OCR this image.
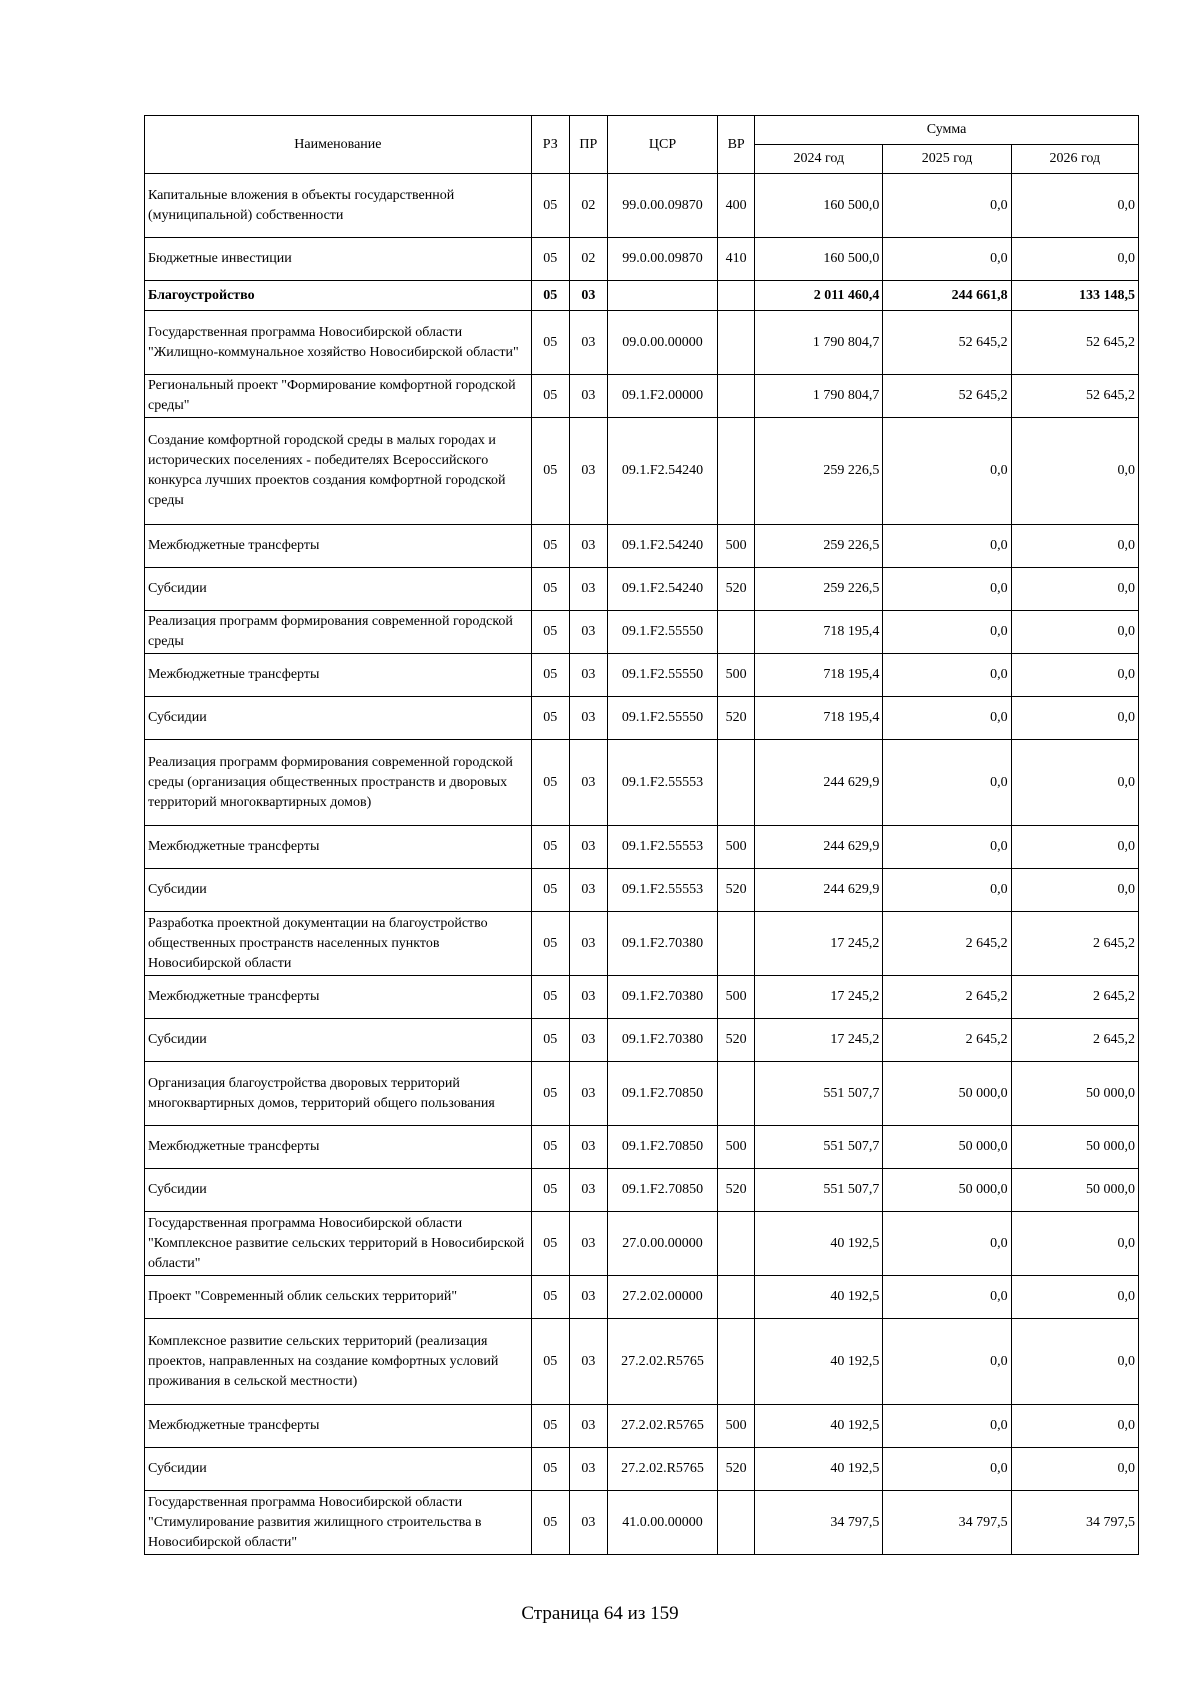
Наименование	РЗ	ПР	ЦСР	ВР	Сумма		
					2024 год	2025 год	2026 год
Капитальные вложения в объекты государственной (муниципальной) собственности	05	02	99.0.00.09870	400	160 500,0	0,0	0,0
Бюджетные инвестиции	05	02	99.0.00.09870	410	160 500,0	0,0	0,0
Благоустройство	05	03			2 011 460,4	244 661,8	133 148,5
Государственная программа Новосибирской области "Жилищно-коммунальное хозяйство Новосибирской области"	05	03	09.0.00.00000		1 790 804,7	52 645,2	52 645,2
Региональный проект "Формирование комфортной городской среды"	05	03	09.1.F2.00000		1 790 804,7	52 645,2	52 645,2
Создание комфортной городской среды в малых городах и исторических поселениях - победителях Всероссийского конкурса лучших проектов создания комфортной городской среды	05	03	09.1.F2.54240		259 226,5	0,0	0,0
Межбюджетные трансферты	05	03	09.1.F2.54240	500	259 226,5	0,0	0,0
Субсидии	05	03	09.1.F2.54240	520	259 226,5	0,0	0,0
Реализация программ формирования современной городской среды	05	03	09.1.F2.55550		718 195,4	0,0	0,0
Межбюджетные трансферты	05	03	09.1.F2.55550	500	718 195,4	0,0	0,0
Субсидии	05	03	09.1.F2.55550	520	718 195,4	0,0	0,0
Реализация программ формирования современной городской среды (организация общественных пространств и дворовых территорий многоквартирных домов)	05	03	09.1.F2.55553		244 629,9	0,0	0,0
Межбюджетные трансферты	05	03	09.1.F2.55553	500	244 629,9	0,0	0,0
Субсидии	05	03	09.1.F2.55553	520	244 629,9	0,0	0,0
Разработка проектной документации на благоустройство общественных пространств населенных пунктов Новосибирской области	05	03	09.1.F2.70380		17 245,2	2 645,2	2 645,2
Межбюджетные трансферты	05	03	09.1.F2.70380	500	17 245,2	2 645,2	2 645,2
Субсидии	05	03	09.1.F2.70380	520	17 245,2	2 645,2	2 645,2
Организация благоустройства дворовых территорий многоквартирных домов, территорий общего пользования	05	03	09.1.F2.70850		551 507,7	50 000,0	50 000,0
Межбюджетные трансферты	05	03	09.1.F2.70850	500	551 507,7	50 000,0	50 000,0
Субсидии	05	03	09.1.F2.70850	520	551 507,7	50 000,0	50 000,0
Государственная программа Новосибирской области "Комплексное развитие сельских территорий в Новосибирской области"	05	03	27.0.00.00000		40 192,5	0,0	0,0
Проект "Современный облик сельских территорий"	05	03	27.2.02.00000		40 192,5	0,0	0,0
Комплексное развитие сельских территорий (реализация проектов, направленных на создание комфортных условий проживания в сельской местности)	05	03	27.2.02.R5765		40 192,5	0,0	0,0
Межбюджетные трансферты	05	03	27.2.02.R5765	500	40 192,5	0,0	0,0
Субсидии	05	03	27.2.02.R5765	520	40 192,5	0,0	0,0
Государственная программа Новосибирской области "Стимулирование развития жилищного строительства в Новосибирской области"	05	03	41.0.00.00000		34 797,5	34 797,5	34 797,5
Страница 64 из 159
